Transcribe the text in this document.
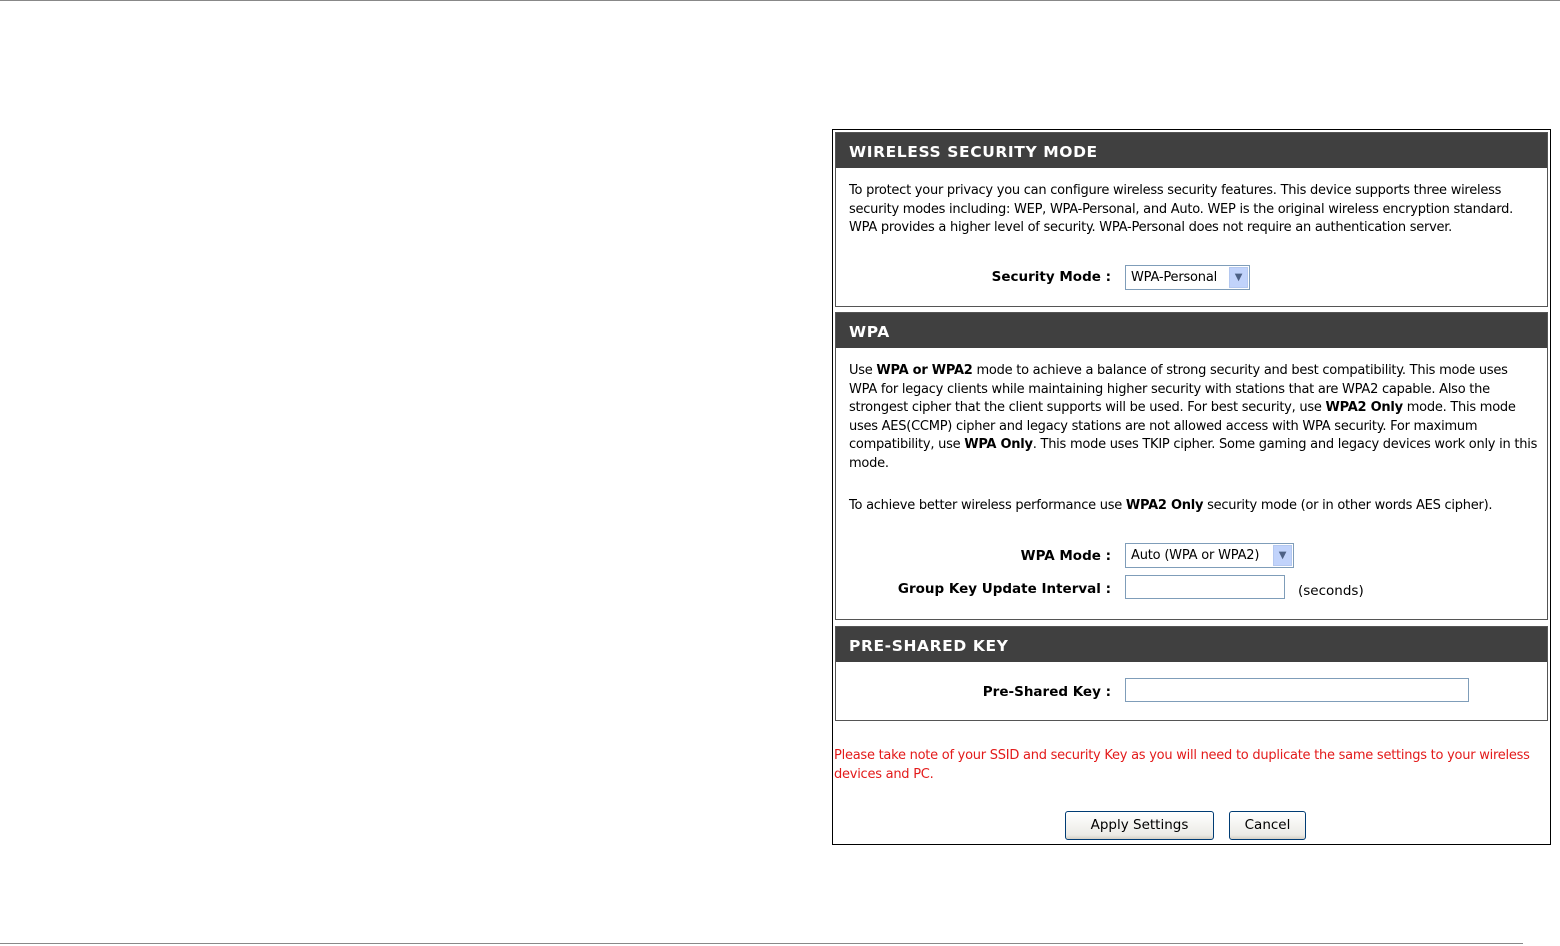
WIRELESS SECURITY MODE
To protect your privacy you can configure wireless security features. This device supports three wireless security modes including: WEP, WPA-Personal, and Auto. WEP is the original wireless encryption standard. WPA provides a higher level of security. WPA-Personal does not require an authentication server.
Security Mode :	WPA-Personal	▼
WPA
Use WPA or WPA2 mode to achieve a balance of strong security and best compatibility. This mode uses WPA for legacy clients while maintaining higher security with stations that are WPA2 capable. Also the strongest cipher that the client supports will be used. For best security, use WPA2 Only mode. This mode uses AES(CCMP) cipher and legacy stations are not allowed access with WPA security. For maximum compatibility, use WPA Only. This mode uses TKIP cipher. Some gaming and legacy devices work only in this mode.
To achieve better wireless performance use WPA2 Only security mode (or in other words AES cipher).
WPA Mode :	Auto (WPA or WPA2)	▼
Group Key Update Interval :	(seconds)
PRE-SHARED KEY
Pre-Shared Key :
Please take note of your SSID and security Key as you will need to duplicate the same settings to your wireless devices and PC.
Apply Settings	Cancel
